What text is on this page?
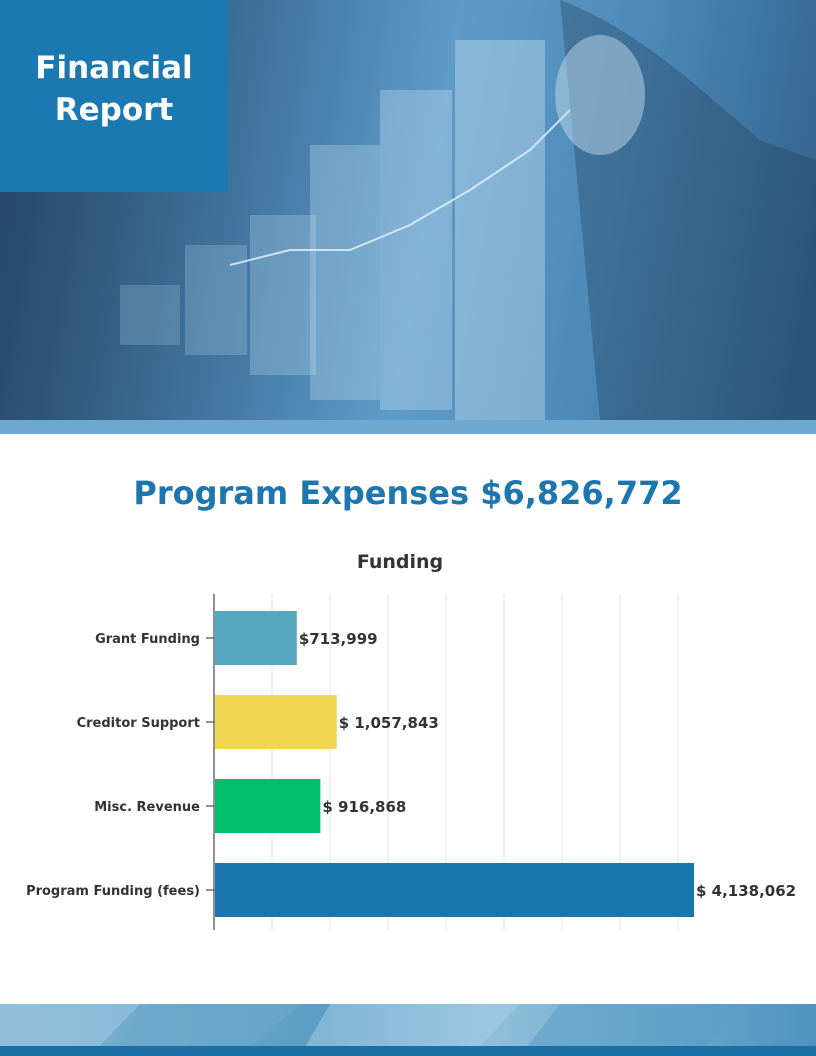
Financial
Report
Program Expenses $6,826,772
Funding
Grant Funding	$713,999
Creditor Support	$ 1,057,843
Misc. Revenue	$ 916,868
Program Funding (fees)	$ 4,138,062
